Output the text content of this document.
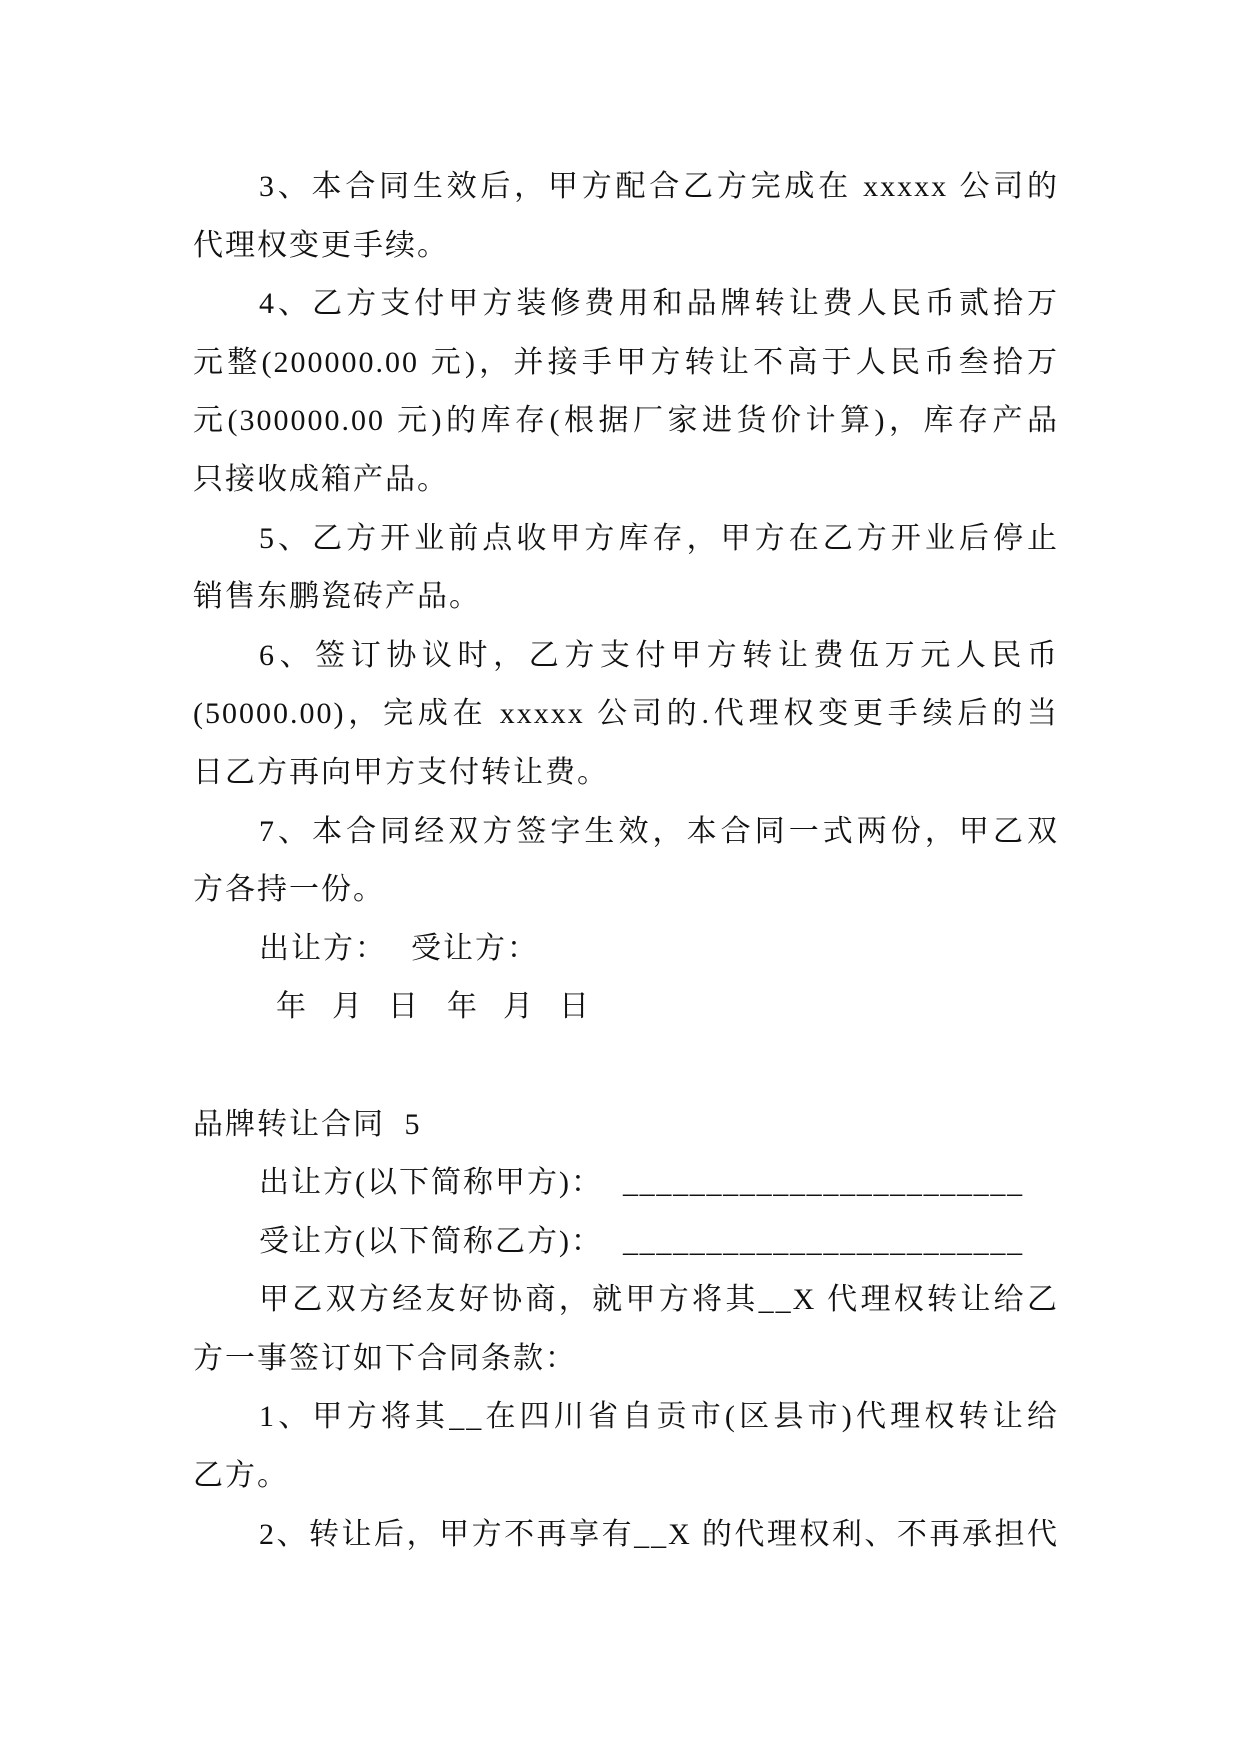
3、本合同生效后，甲方配合乙方完成在 xxxxx 公司的
代理权变更手续。
4、乙方支付甲方装修费用和品牌转让费人民币贰拾万
元整(200000.00 元)，并接手甲方转让不高于人民币叁拾万
元(300000.00 元)的库存(根据厂家进货价计算)，库存产品
只接收成箱产品。
5、乙方开业前点收甲方库存，甲方在乙方开业后停止
销售东鹏瓷砖产品。
6、签订协议时，乙方支付甲方转让费伍万元人民币
(50000.00)，完成在 xxxxx 公司的.代理权变更手续后的当
日乙方再向甲方支付转让费。
7、本合同经双方签字生效，本合同一式两份，甲乙双
方各持一份。
出让方： 受让方：
年 月 日 年 月 日
品牌转让合同 5
出让方(以下简称甲方)： ________________________
受让方(以下简称乙方)： ________________________
甲乙双方经友好协商，就甲方将其__X 代理权转让给乙
方一事签订如下合同条款：
1、甲方将其__在四川省自贡市(区县市)代理权转让给
乙方。
2、转让后，甲方不再享有__X 的代理权利、不再承担代
